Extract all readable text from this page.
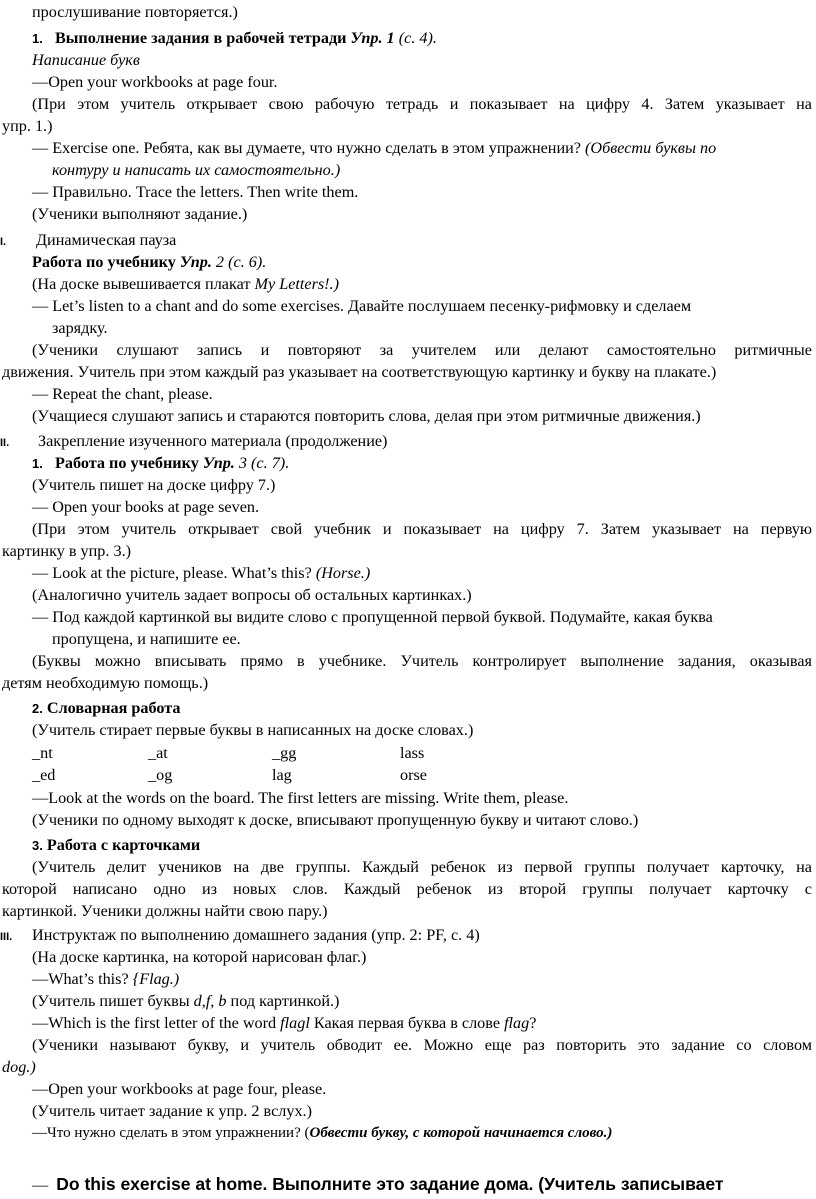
прослушивание повторяется.)
1. Выполнение задания в рабочей тетради Упр. 1 (с. 4).
Написание букв
—Open your workbooks at page four.
(При этом учитель открывает свою рабочую тетрадь и показывает на цифру 4. Затем указывает на
упр. 1.)
— Exercise one. Ребята, как вы думаете, что нужно сделать в этом упражнении? (Обвести буквы по
контуру и написать их самостоятельно.)
— Правильно. Trace the letters. Then write them.
(Ученики выполняют задание.)
I. Динамическая пауза
Работа по учебнику Упр. 2 (с. 6).
(На доске вывешивается плакат My Letters!.)
— Let’s listen to a chant and do some exercises. Давайте послушаем песенку-рифмовку и сделаем
зарядку.
(Ученики слушают запись и повторяют за учителем или делают самостоятельно ритмичные
движения. Учитель при этом каждый раз указывает на соответствующую картинку и букву на плакате.)
— Repeat the chant, please.
(Учащиеся слушают запись и стараются повторить слова, делая при этом ритмичные движения.)
II. Закрепление изученного материала (продолжение)
1. Работа по учебнику Упр. 3 (с. 7).
(Учитель пишет на доске цифру 7.)
— Open your books at page seven.
(При этом учитель открывает свой учебник и показывает на цифру 7. Затем указывает на первую
картинку в упр. 3.)
— Look at the picture, please. What’s this? (Horse.)
(Аналогично учитель задает вопросы об остальных картинках.)
— Под каждой картинкой вы видите слово с пропущенной первой буквой. Подумайте, какая буква
пропущена, и напишите ее.
(Буквы можно вписывать прямо в учебнике. Учитель контролирует выполнение задания, оказывая
детям необходимую помощь.)
2. Словарная работа
(Учитель стирает первые буквы в написанных на доске словах.)
_nt	_at	_gg	lass
_ed	_og	lag	orse
—Look at the words on the board. The first letters are missing. Write them, please.
(Ученики по одному выходят к доске, вписывают пропущенную букву и читают слово.)
3. Работа с карточками
(Учитель делит учеников на две группы. Каждый ребенок из первой группы получает карточку, на
которой написано одно из новых слов. Каждый ребенок из второй группы получает карточку с
картинкой. Ученики должны найти свою пару.)
III. Инструктаж по выполнению домашнего задания (упр. 2: PF, с. 4)
(На доске картинка, на которой нарисован флаг.)
—What’s this? {Flag.)
(Учитель пишет буквы d,f, b под картинкой.)
—Which is the first letter of the word flagl Какая первая буква в слове flag?
(Ученики называют букву, и учитель обводит ее. Можно еще раз повторить это задание со словом
dog.)
—Open your workbooks at page four, please.
(Учитель читает задание к упр. 2 вслух.)
—Что нужно сделать в этом упражнении? (Обвести букву, с которой начинается слово.)
— Do this exercise at home. Выполните это задание дома. (Учитель записывает
